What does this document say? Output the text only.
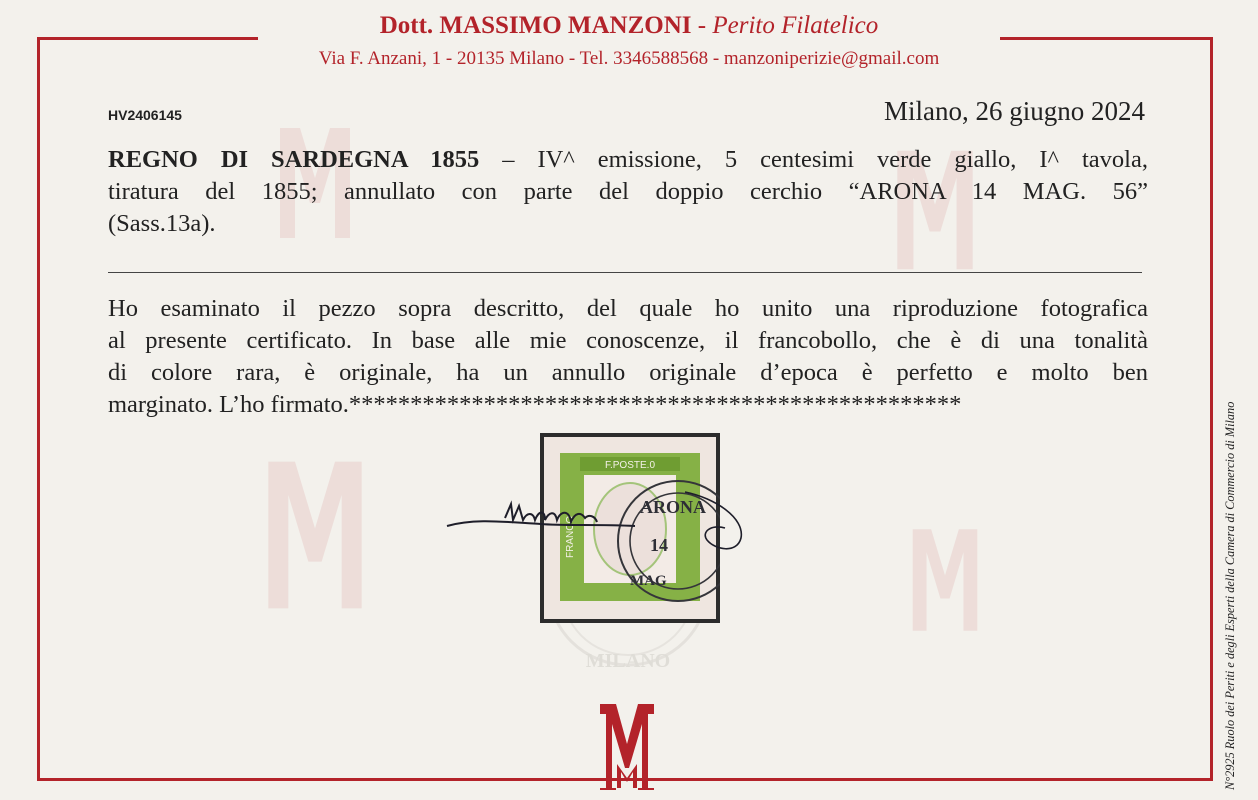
Dott. MASSIMO MANZONI - Perito Filatelico
Via F. Anzani, 1 - 20135 Milano - Tel. 3346588568 - manzoniperizie@gmail.com
HV2406145	Milano, 26 giugno 2024
REGNO DI SARDEGNA 1855 – IV^ emissione, 5 centesimi verde giallo, I^ tavola,
tiratura del 1855; annullato con parte del doppio cerchio “ARONA 14 MAG. 56”
(Sass.13a).
Ho esaminato il pezzo sopra descritto, del quale ho unito una riproduzione fotografica
al presente certificato. In base alle mie conoscenze, il francobollo, che è di una tonalità
di colore rara, è originale, ha un annullo originale d’epoca è perfetto e molto ben
marginato. L’ho firmato.**************************************************
MILANO
F.POSTE.0
FRANCO
ARONA
14
MAG	N°2925 Ruolo dei Periti e degli Esperti della Camera di Commercio di Milano
